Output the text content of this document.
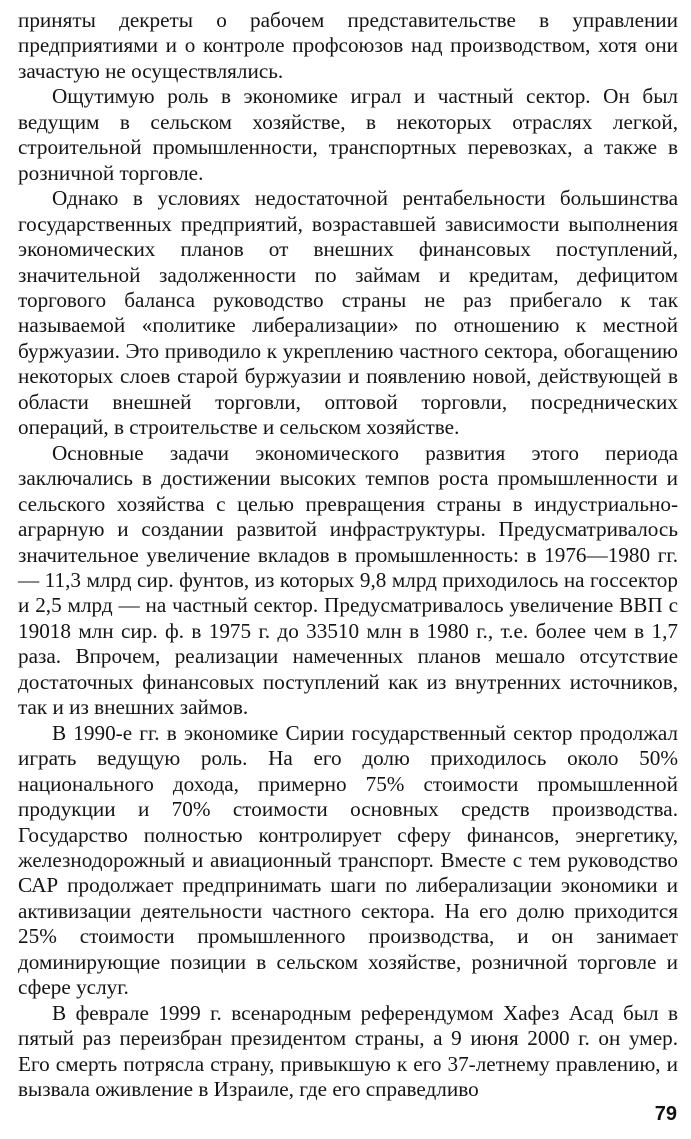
приняты декреты о рабочем представительстве в управлении предприятиями и о контроле профсоюзов над производством, хотя они зачастую не осуществлялись.

Ощутимую роль в экономике играл и частный сектор. Он был ведущим в сельском хозяйстве, в некоторых отраслях легкой, строительной промышленности, транспортных перевозках, а также в розничной торговле.

Однако в условиях недостаточной рентабельности большинства государственных предприятий, возраставшей зависимости выполнения экономических планов от внешних финансовых поступлений, значительной задолженности по займам и кредитам, дефицитом торгового баланса руководство страны не раз прибегало к так называемой «политике либерализации» по отношению к местной буржуазии. Это приводило к укреплению частного сектора, обогащению некоторых слоев старой буржуазии и появлению новой, действующей в области внешней торговли, оптовой торговли, посреднических операций, в строительстве и сельском хозяйстве.

Основные задачи экономического развития этого периода заключались в достижении высоких темпов роста промышленности и сельского хозяйства с целью превращения страны в индустриально-аграрную и создании развитой инфраструктуры. Предусматривалось значительное увеличение вкладов в промышленность: в 1976—1980 гг. — 11,3 млрд сир. фунтов, из которых 9,8 млрд приходилось на госсектор и 2,5 млрд — на частный сектор. Предусматривалось увеличение ВВП с 19018 млн сир. ф. в 1975 г. до 33510 млн в 1980 г., т.е. более чем в 1,7 раза. Впрочем, реализации намеченных планов мешало отсутствие достаточных финансовых поступлений как из внутренних источников, так и из внешних займов.

В 1990-е гг. в экономике Сирии государственный сектор продолжал играть ведущую роль. На его долю приходилось около 50% национального дохода, примерно 75% стоимости промышленной продукции и 70% стоимости основных средств производства. Государство полностью контролирует сферу финансов, энергетику, железнодорожный и авиационный транспорт. Вместе с тем руководство САР продолжает предпринимать шаги по либерализации экономики и активизации деятельности частного сектора. На его долю приходится 25% стоимости промышленного производства, и он занимает доминирующие позиции в сельском хозяйстве, розничной торговле и сфере услуг.

В феврале 1999 г. всенародным референдумом Хафез Асад был в пятый раз переизбран президентом страны, а 9 июня 2000 г. он умер. Его смерть потрясла страну, привыкшую к его 37-летнему правлению, и вызвала оживление в Израиле, где его справедливо

79
